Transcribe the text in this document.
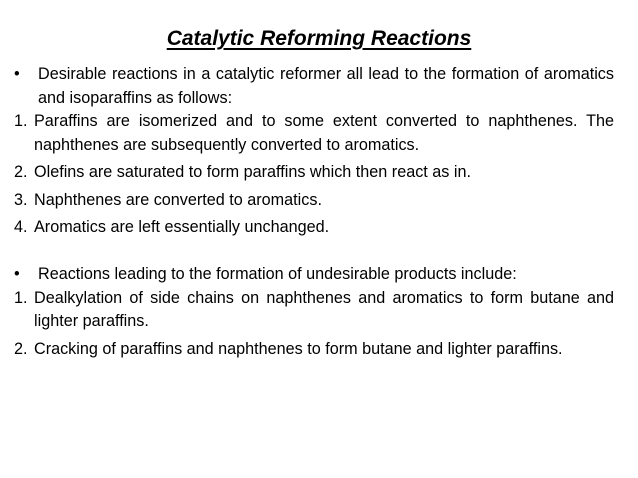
Catalytic Reforming Reactions

• Desirable reactions in a catalytic reformer all lead to the formation of aromatics and isoparaffins as follows:

1. Paraffins are isomerized and to some extent converted to naphthenes. The naphthenes are subsequently converted to aromatics.

2. Olefins are saturated to form paraffins which then react as in.

3. Naphthenes are converted to aromatics.

4. Aromatics are left essentially unchanged.

• Reactions leading to the formation of undesirable products include:

1. Dealkylation of side chains on naphthenes and aromatics to form butane and lighter paraffins.

2. Cracking of paraffins and naphthenes to form butane and lighter paraffins.
